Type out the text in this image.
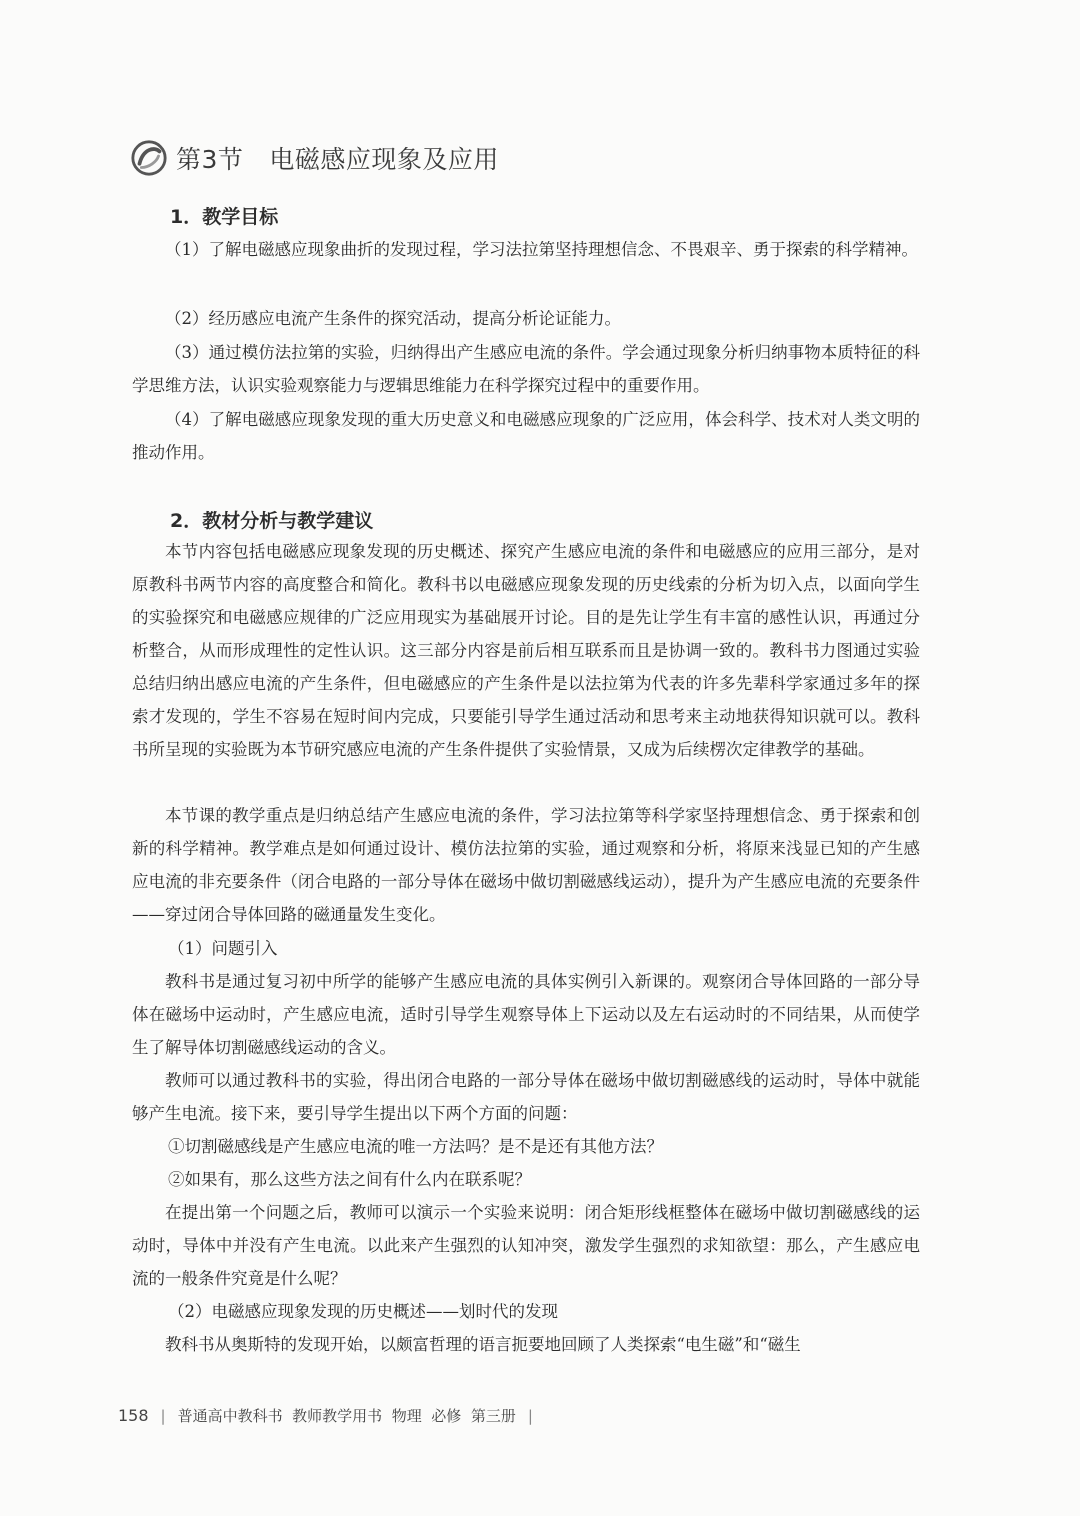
第3节 电磁感应现象及应用
1．教学目标

（1）了解电磁感应现象曲折的发现过程，学习法拉第坚持理想信念、不畏艰辛、勇于探索的科学精神。

（2）经历感应电流产生条件的探究活动，提高分析论证能力。

（3）通过模仿法拉第的实验，归纳得出产生感应电流的条件。学会通过现象分析归纳事物本质特征的科学思维方法，认识实验观察能力与逻辑思维能力在科学探究过程中的重要作用。

（4）了解电磁感应现象发现的重大历史意义和电磁感应现象的广泛应用，体会科学、技术对人类文明的推动作用。

2．教材分析与教学建议

本节内容包括电磁感应现象发现的历史概述、探究产生感应电流的条件和电磁感应的应用三部分，是对原教科书两节内容的高度整合和简化。教科书以电磁感应现象发现的历史线索的分析为切入点，以面向学生的实验探究和电磁感应规律的广泛应用现实为基础展开讨论。目的是先让学生有丰富的感性认识，再通过分析整合，从而形成理性的定性认识。这三部分内容是前后相互联系而且是协调一致的。教科书力图通过实验总结归纳出感应电流的产生条件，但电磁感应的产生条件是以法拉第为代表的许多先辈科学家通过多年的探索才发现的，学生不容易在短时间内完成，只要能引导学生通过活动和思考来主动地获得知识就可以。教科书所呈现的实验既为本节研究感应电流的产生条件提供了实验情景，又成为后续楞次定律教学的基础。

本节课的教学重点是归纳总结产生感应电流的条件，学习法拉第等科学家坚持理想信念、勇于探索和创新的科学精神。教学难点是如何通过设计、模仿法拉第的实验，通过观察和分析，将原来浅显已知的产生感应电流的非充要条件（闭合电路的一部分导体在磁场中做切割磁感线运动），提升为产生感应电流的充要条件——穿过闭合导体回路的磁通量发生变化。

（1）问题引入

教科书是通过复习初中所学的能够产生感应电流的具体实例引入新课的。观察闭合导体回路的一部分导体在磁场中运动时，产生感应电流，适时引导学生观察导体上下运动以及左右运动时的不同结果，从而使学生了解导体切割磁感线运动的含义。

教师可以通过教科书的实验，得出闭合电路的一部分导体在磁场中做切割磁感线的运动时，导体中就能够产生电流。接下来，要引导学生提出以下两个方面的问题：

①切割磁感线是产生感应电流的唯一方法吗？是不是还有其他方法？
②如果有，那么这些方法之间有什么内在联系呢？

在提出第一个问题之后，教师可以演示一个实验来说明：闭合矩形线框整体在磁场中做切割磁感线的运动时，导体中并没有产生电流。以此来产生强烈的认知冲突，激发学生强烈的求知欲望：那么，产生感应电流的一般条件究竟是什么呢？

（2）电磁感应现象发现的历史概述——划时代的发现

教科书从奥斯特的发现开始，以颇富哲理的语言扼要地回顾了人类探索“电生磁”和“磁生

158 | 普通高中教科书
教师教学用书
物理
必修
第三册 |
